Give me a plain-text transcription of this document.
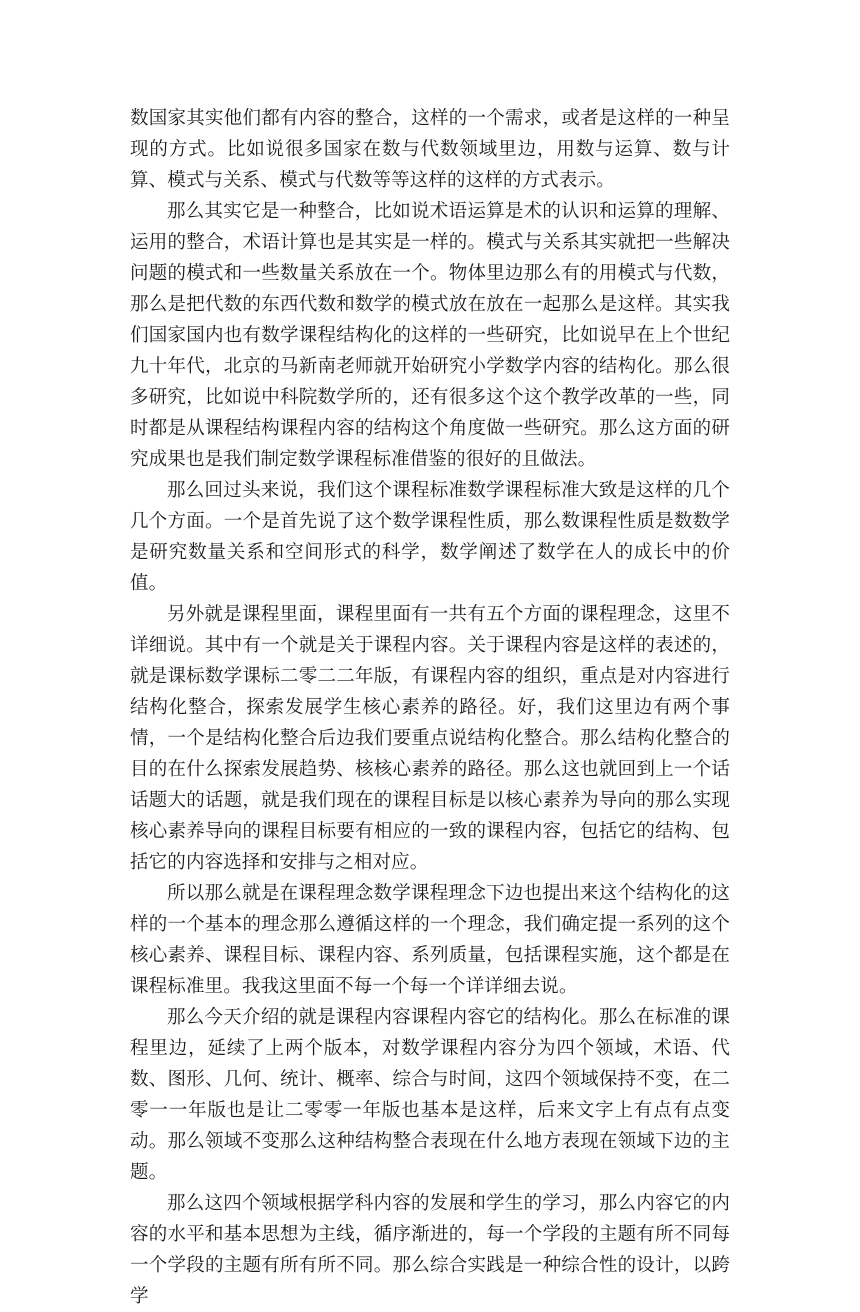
数国家其实他们都有内容的整合，这样的一个需求，或者是这样的一种呈现的方式。比如说很多国家在数与代数领域里边，用数与运算、数与计算、模式与关系、模式与代数等等这样的这样的方式表示。

那么其实它是一种整合，比如说术语运算是术的认识和运算的理解、运用的整合，术语计算也是其实是一样的。模式与关系其实就把一些解决问题的模式和一些数量关系放在一个。物体里边那么有的用模式与代数，那么是把代数的东西代数和数学的模式放在放在一起那么是这样。其实我们国家国内也有数学课程结构化的这样的一些研究，比如说早在上个世纪九十年代，北京的马新南老师就开始研究小学数学内容的结构化。那么很多研究，比如说中科院数学所的，还有很多这个这个教学改革的一些，同时都是从课程结构课程内容的结构这个角度做一些研究。那么这方面的研究成果也是我们制定数学课程标准借鉴的很好的且做法。

那么回过头来说，我们这个课程标准数学课程标准大致是这样的几个几个方面。一个是首先说了这个数学课程性质，那么数课程性质是数数学是研究数量关系和空间形式的科学，数学阐述了数学在人的成长中的价值。

另外就是课程里面，课程里面有一共有五个方面的课程理念，这里不详细说。其中有一个就是关于课程内容。关于课程内容是这样的表述的，就是课标数学课标二零二二年版，有课程内容的组织，重点是对内容进行结构化整合，探索发展学生核心素养的路径。好，我们这里边有两个事情，一个是结构化整合后边我们要重点说结构化整合。那么结构化整合的目的在什么探索发展趋势、核核心素养的路径。那么这也就回到上一个话话题大的话题，就是我们现在的课程目标是以核心素养为导向的那么实现核心素养导向的课程目标要有相应的一致的课程内容，包括它的结构、包括它的内容选择和安排与之相对应。

所以那么就是在课程理念数学课程理念下边也提出来这个结构化的这样的一个基本的理念那么遵循这样的一个理念，我们确定提一系列的这个核心素养、课程目标、课程内容、系列质量，包括课程实施，这个都是在课程标准里。我我这里面不每一个每一个详详细去说。

那么今天介绍的就是课程内容课程内容它的结构化。那么在标准的课程里边，延续了上两个版本，对数学课程内容分为四个领域，术语、代数、图形、几何、统计、概率、综合与时间，这四个领域保持不变，在二零一一年版也是让二零零一年版也基本是这样，后来文字上有点有点变动。那么领域不变那么这种结构整合表现在什么地方表现在领域下边的主题。

那么这四个领域根据学科内容的发展和学生的学习，那么内容它的内容的水平和基本思想为主线，循序渐进的，每一个学段的主题有所不同每一个学段的主题有所有所不同。那么综合实践是一种综合性的设计，以跨学
